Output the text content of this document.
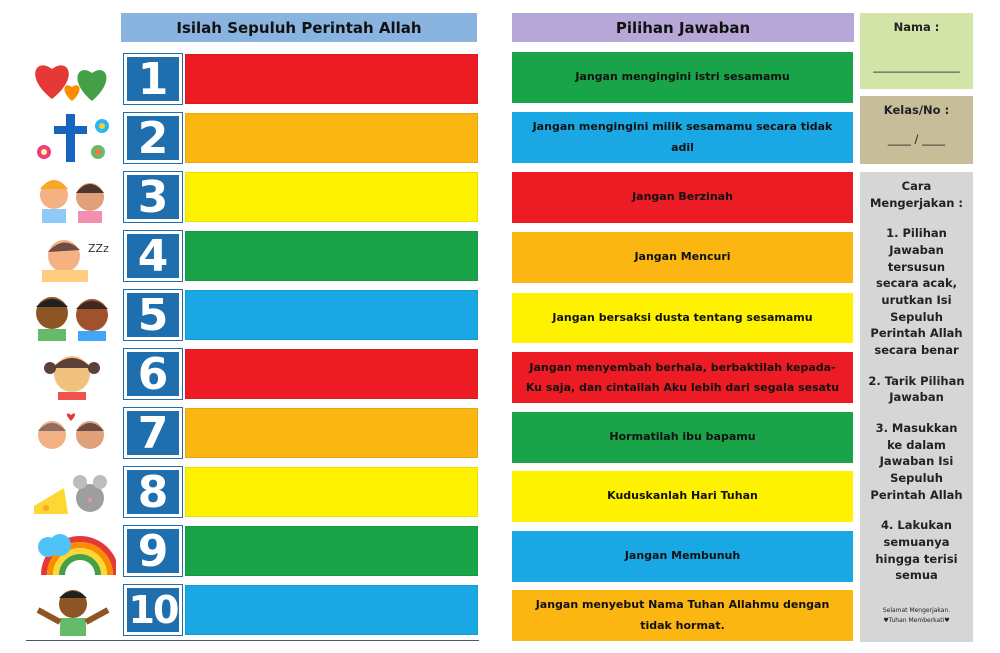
Isilah Sepuluh Perintah Allah
1
2
3
ZZz 4
5
6
7
8
9
10
Pilihan Jawaban
Jangan mengingini istri sesamamu
Jangan mengingini milik sesamamu secara tidak adil
Jangan Berzinah
Jangan Mencuri
Jangan bersaksi dusta tentang sesamamu
Jangan menyembah berhala, berbaktilah kepada-Ku saja, dan cintailah Aku lebih dari segala sesatu
Hormatilah ibu bapamu
Kuduskanlah Hari Tuhan
Jangan Membunuh
Jangan menyebut Nama Tuhan Allahmu dengan tidak hormat.
Nama :
_______________
Kelas/No :
____ / ____
Cara Mengerjakan :
1. Pilihan Jawaban tersusun secara acak, urutkan Isi Sepuluh Perintah Allah secara benar
2. Tarik Pilihan Jawaban
3. Masukkan ke dalam Jawaban Isi Sepuluh Perintah Allah
4. Lakukan semuanya hingga terisi semua
Selamat Mengerjakan.
♥Tuhan Memberkati♥
